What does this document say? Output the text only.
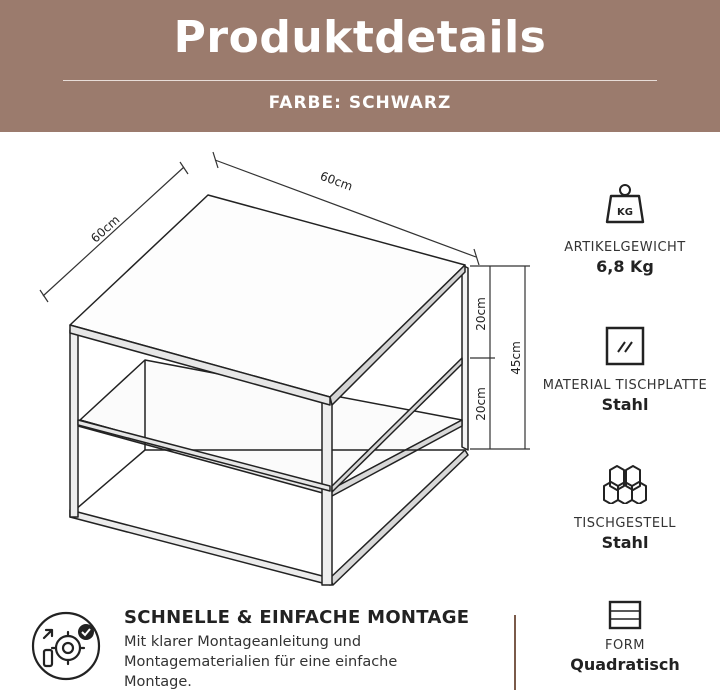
Produktdetails
FARBE: SCHWARZ
60cm
60cm
45cm
20cm
20cm
KG
ARTIKELGEWICHT
6,8 Kg
MATERIAL TISCHPLATTE
Stahl
TISCHGESTELL
Stahl
FORM
Quadratisch
SCHNELLE & EINFACHE MONTAGE
Mit klarer Montageanleitung und Montagematerialien für eine einfache Montage.
